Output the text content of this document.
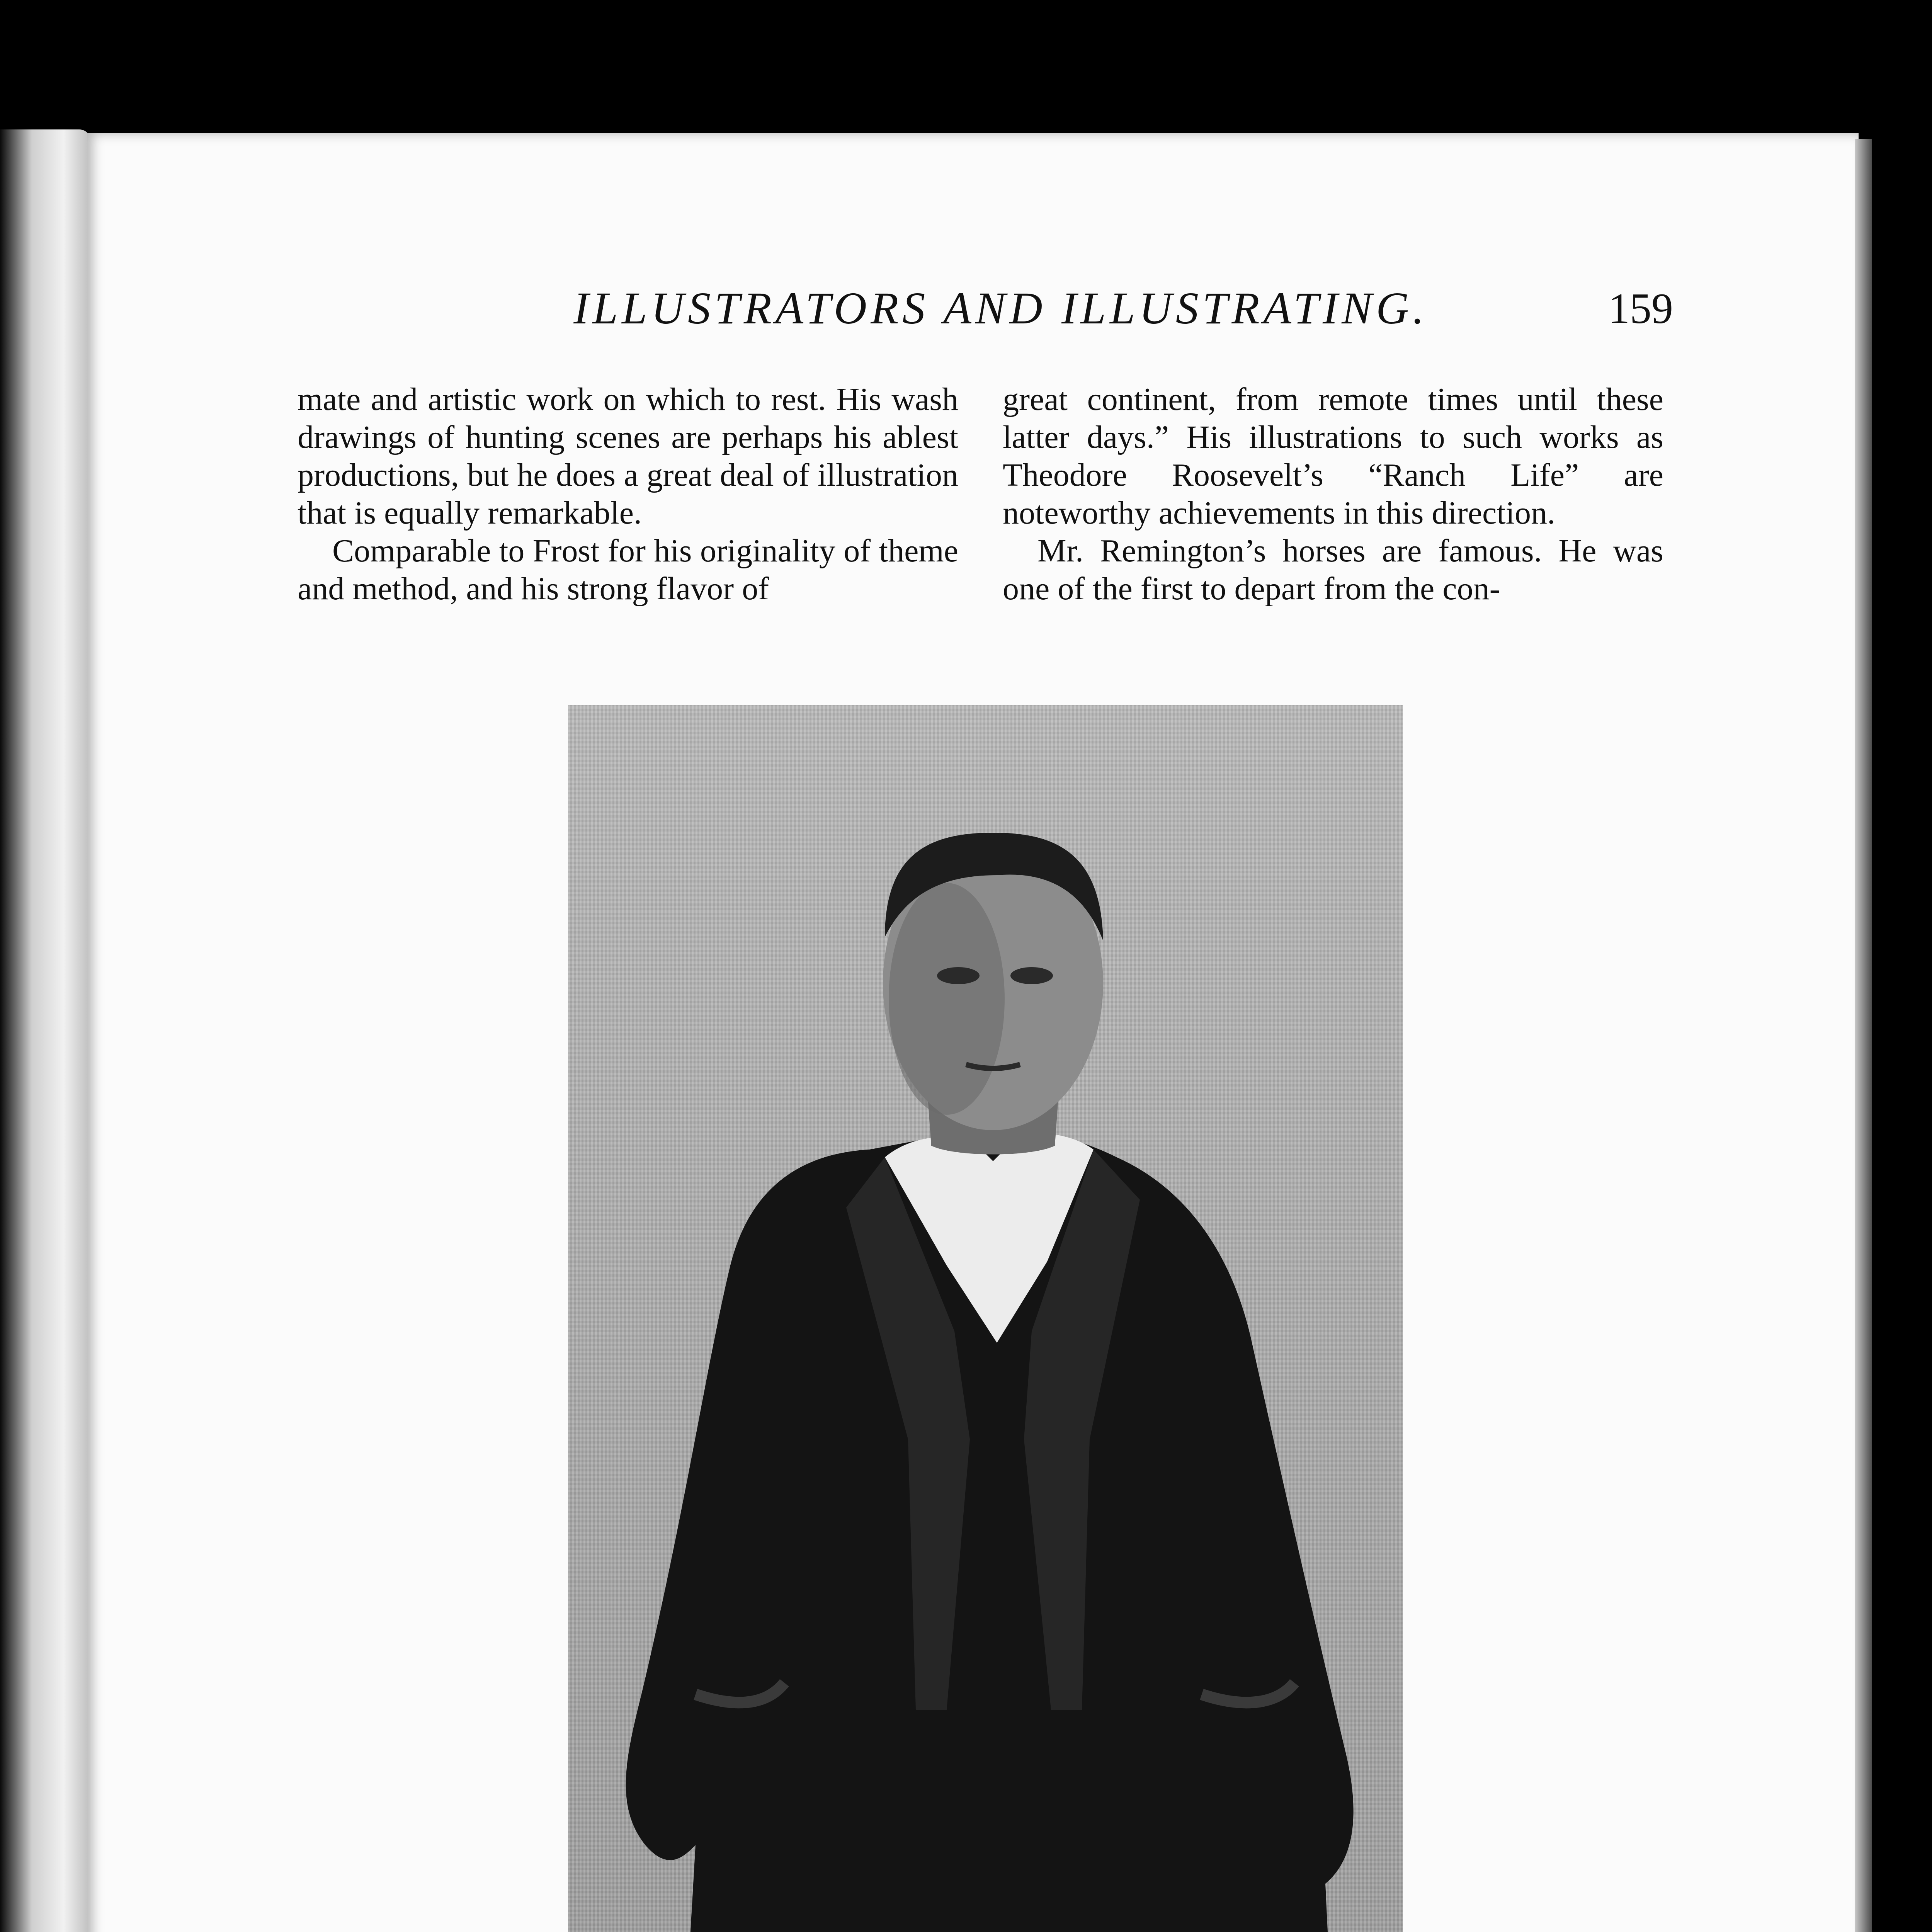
ILLUSTRATORS AND ILLUSTRATING.	159

mate and artistic work on which to rest. His wash drawings of hunting scenes are perhaps his ablest productions, but he does a great deal of illustration that is equally remarkable.

Comparable to Frost for his originality of theme and method, and his strong flavor of

great continent, from remote times until these latter days.” His illustrations to such works as Theodore Roosevelt’s “Ranch Life” are noteworthy achievements in this direction.

Mr. Remington’s horses are famous. He was one of the first to depart from the con-
